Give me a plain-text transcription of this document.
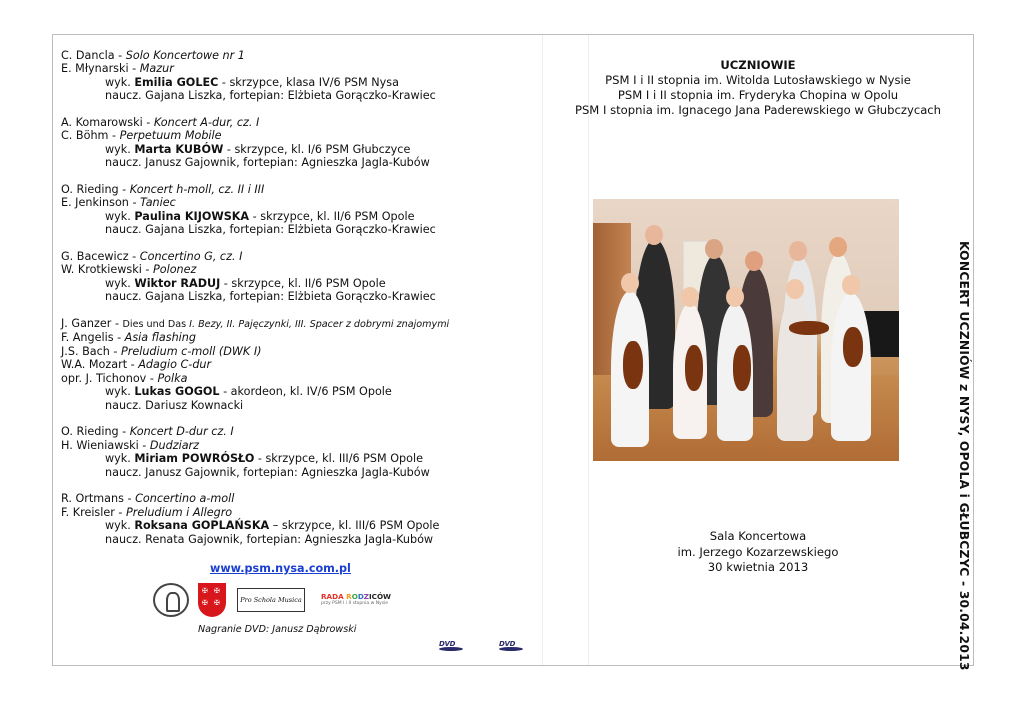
C. Dancla - Solo Koncertowe nr 1
E. Młynarski - Mazur
wyk. Emilia GOLEC - skrzypce, klasa IV/6 PSM Nysa
naucz. Gajana Liszka, fortepian: Elżbieta Gorączko-Krawiec
A. Komarowski - Koncert A-dur, cz. I
C. Böhm - Perpetuum Mobile
wyk. Marta KUBÓW - skrzypce, kl. I/6 PSM Głubczyce
naucz. Janusz Gajownik, fortepian: Agnieszka Jagla-Kubów
O. Rieding - Koncert h-moll, cz. II i III
E. Jenkinson - Taniec
wyk. Paulina KIJOWSKA - skrzypce, kl. II/6 PSM Opole
naucz. Gajana Liszka, fortepian: Elżbieta Gorączko-Krawiec
G. Bacewicz - Concertino G, cz. I
W. Krotkiewski - Polonez
wyk. Wiktor RADUJ - skrzypce, kl. II/6 PSM Opole
naucz. Gajana Liszka, fortepian: Elżbieta Gorączko-Krawiec
J. Ganzer - Dies und Das I. Bezy, II. Pajęczynki, III. Spacer z dobrymi znajomymi
F. Angelis - Asia flashing
J.S. Bach - Preludium c-moll (DWK I)
W.A. Mozart - Adagio C-dur
opr. J. Tichonov - Polka
wyk. Lukas GOGOL - akordeon, kl. IV/6 PSM Opole
naucz. Dariusz Kownacki
O. Rieding - Koncert D-dur cz. I
H. Wieniawski - Dudziarz
wyk. Miriam POWRÓSŁO - skrzypce, kl. III/6 PSM Opole
naucz. Janusz Gajownik, fortepian: Agnieszka Jagla-Kubów
R. Ortmans - Concertino a-moll
F. Kreisler - Preludium i Allegro
wyk. Roksana GOPLAŃSKA – skrzypce, kl. III/6 PSM Opole
naucz. Renata Gajownik, fortepian: Agnieszka Jagla-Kubów
www.psm.nysa.com.pl
✠ ✠
✠ ✠	Pro Schola Musica	RADA RODZICÓW
przy PSM I i II stopnia w Nysie
Nagranie DVD: Janusz Dąbrowski
DVD	DVD	KONCERT UCZNIÓW z NYSY, OPOLA i GŁUBCZYC - 30.04.2013
UCZNIOWIE
PSM I i II stopnia im. Witolda Lutosławskiego w Nysie
PSM I i II stopnia im. Fryderyka Chopina w Opolu
PSM I stopnia im. Ignacego Jana Paderewskiego w Głubczycach
Sala Koncertowa
im. Jerzego Kozarzewskiego
30 kwietnia 2013
